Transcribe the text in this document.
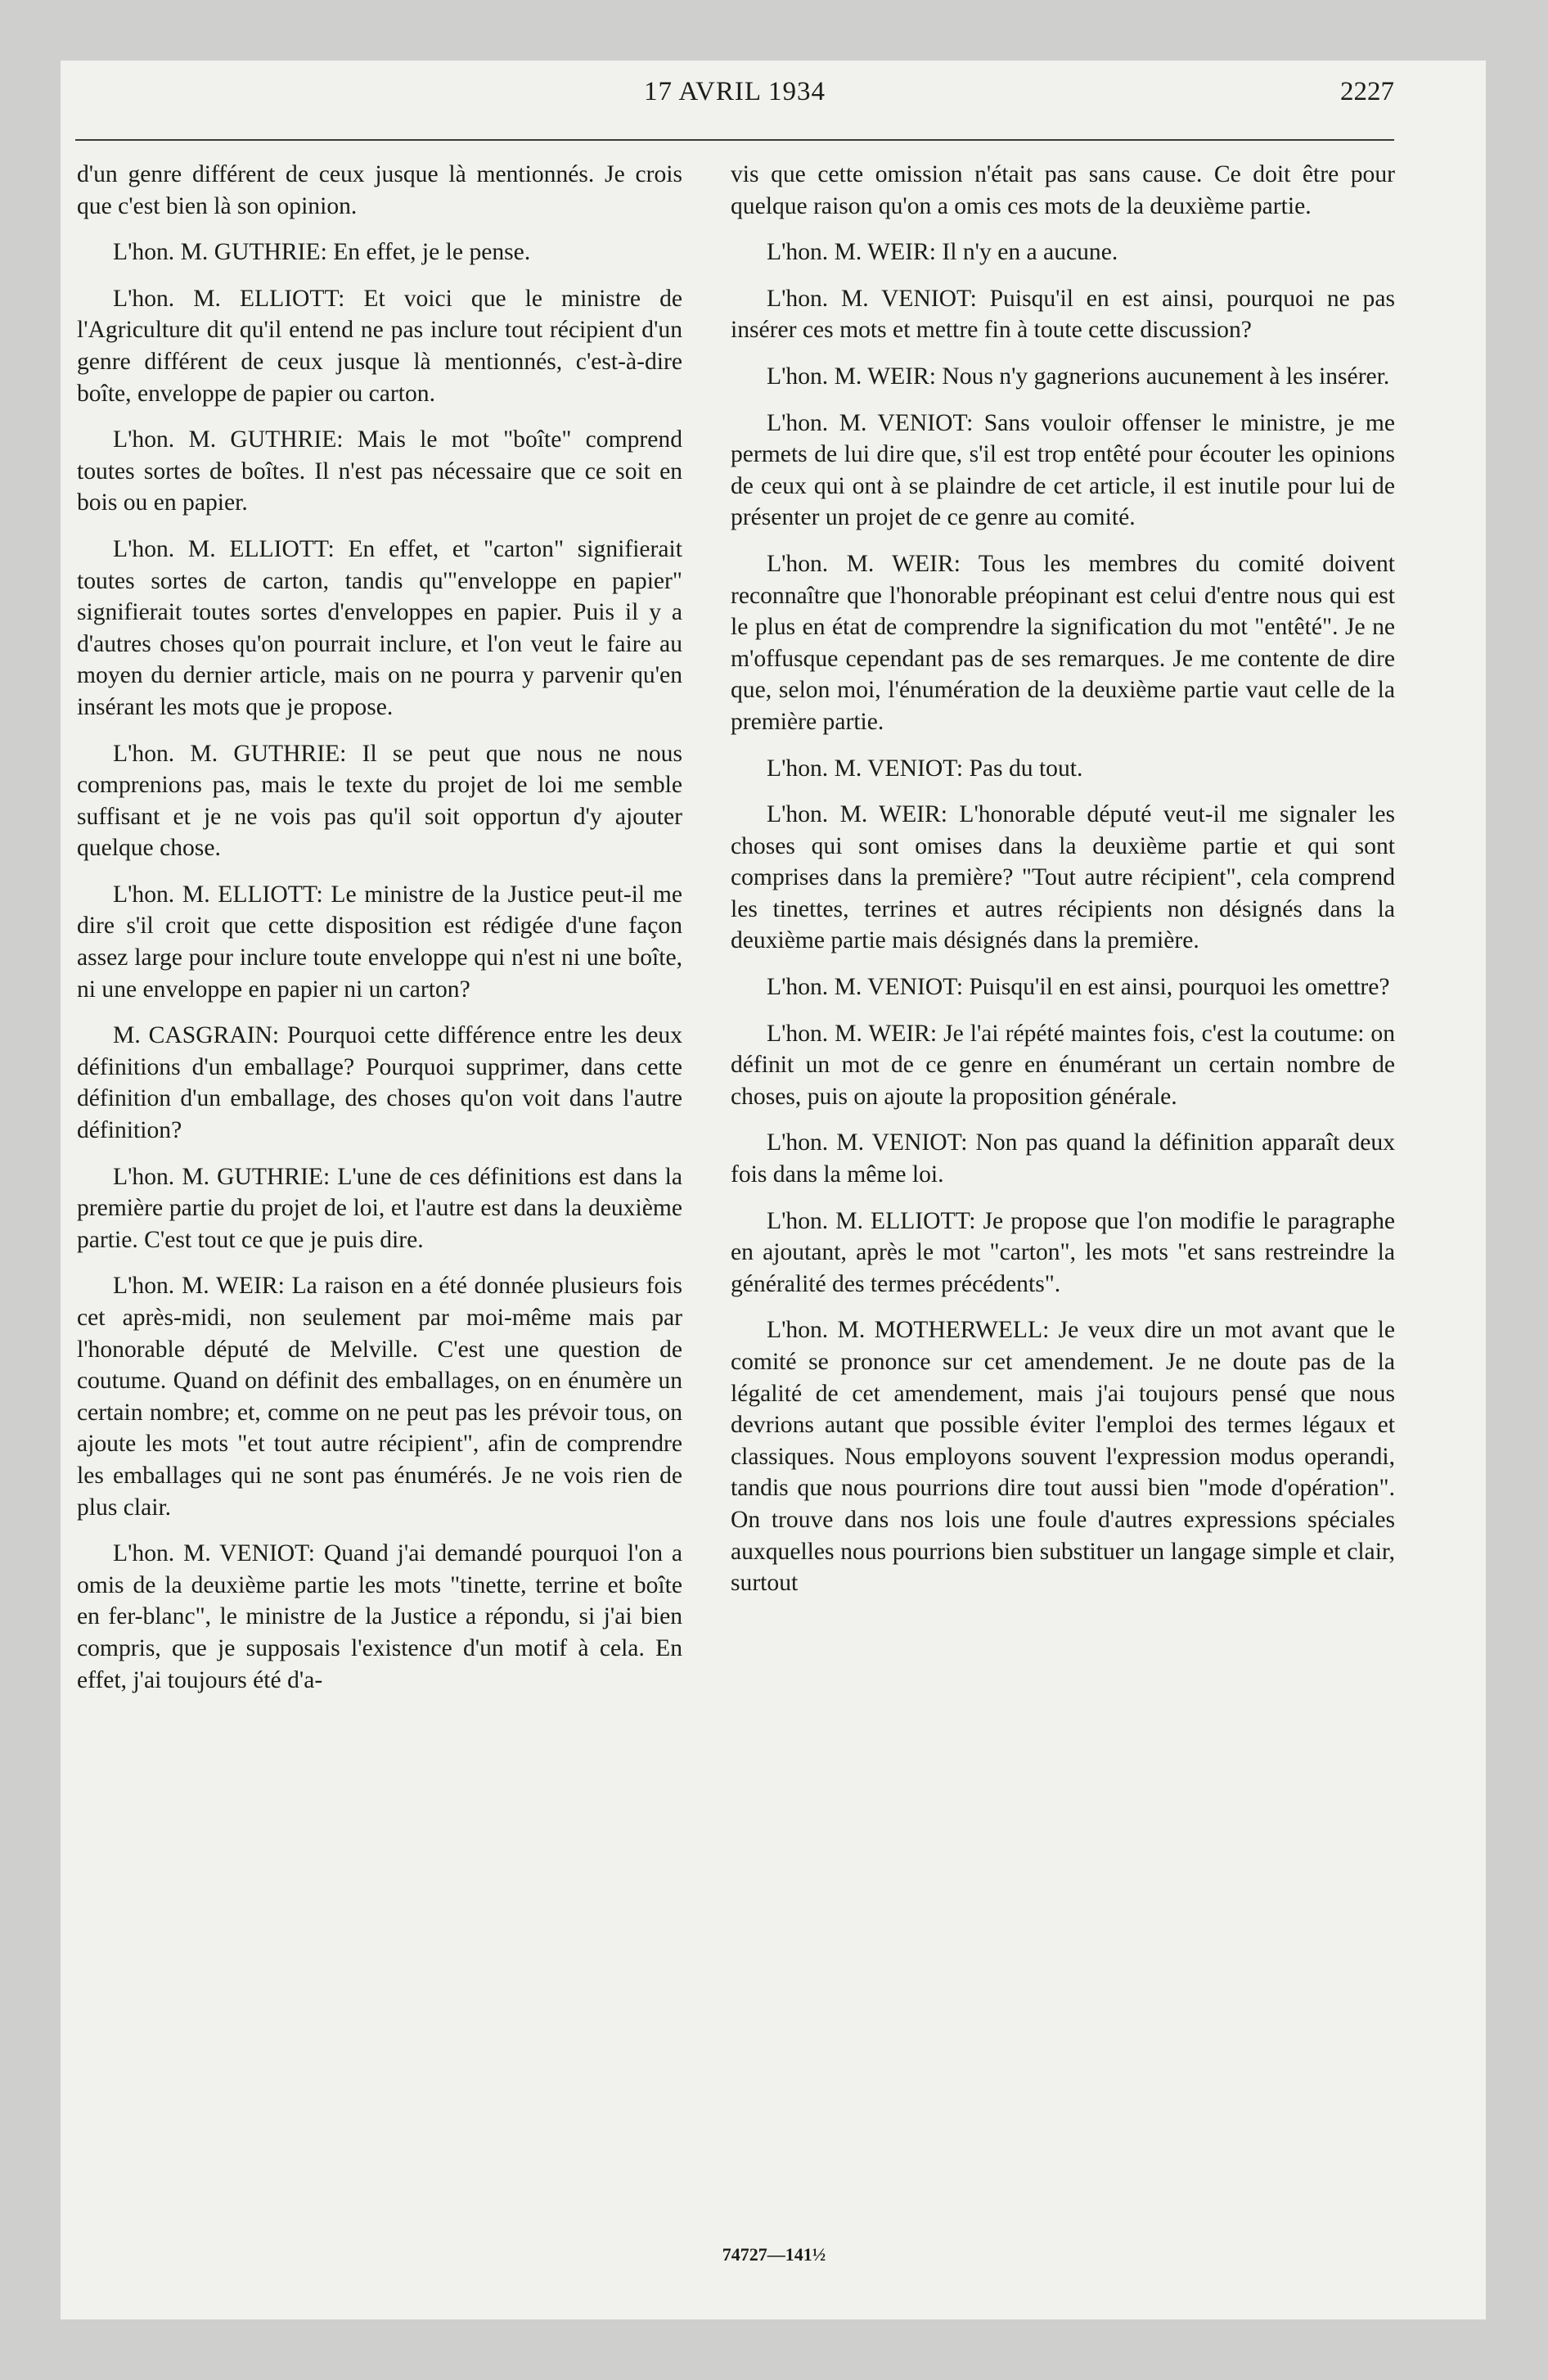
17 AVRIL 1934	2227

d'un genre différent de ceux jusque là mentionnés. Je crois que c'est bien là son opinion.

L'hon. M. GUTHRIE: En effet, je le pense.

L'hon. M. ELLIOTT: Et voici que le ministre de l'Agriculture dit qu'il entend ne pas inclure tout récipient d'un genre différent de ceux jusque là mentionnés, c'est-à-dire boîte, enveloppe de papier ou carton.

L'hon. M. GUTHRIE: Mais le mot "boîte" comprend toutes sortes de boîtes. Il n'est pas nécessaire que ce soit en bois ou en papier.

L'hon. M. ELLIOTT: En effet, et "carton" signifierait toutes sortes de carton, tandis qu'"enveloppe en papier" signifierait toutes sortes d'enveloppes en papier. Puis il y a d'autres choses qu'on pourrait inclure, et l'on veut le faire au moyen du dernier article, mais on ne pourra y parvenir qu'en insérant les mots que je propose.

L'hon. M. GUTHRIE: Il se peut que nous ne nous comprenions pas, mais le texte du projet de loi me semble suffisant et je ne vois pas qu'il soit opportun d'y ajouter quelque chose.

L'hon. M. ELLIOTT: Le ministre de la Justice peut-il me dire s'il croit que cette disposition est rédigée d'une façon assez large pour inclure toute enveloppe qui n'est ni une boîte, ni une enveloppe en papier ni un carton?

M. CASGRAIN: Pourquoi cette différence entre les deux définitions d'un emballage? Pourquoi supprimer, dans cette définition d'un emballage, des choses qu'on voit dans l'autre définition?

L'hon. M. GUTHRIE: L'une de ces définitions est dans la première partie du projet de loi, et l'autre est dans la deuxième partie. C'est tout ce que je puis dire.

L'hon. M. WEIR: La raison en a été donnée plusieurs fois cet après-midi, non seulement par moi-même mais par l'honorable député de Melville. C'est une question de coutume. Quand on définit des emballages, on en énumère un certain nombre; et, comme on ne peut pas les prévoir tous, on ajoute les mots "et tout autre récipient", afin de comprendre les emballages qui ne sont pas énumérés. Je ne vois rien de plus clair.

L'hon. M. VENIOT: Quand j'ai demandé pourquoi l'on a omis de la deuxième partie les mots "tinette, terrine et boîte en fer-blanc", le ministre de la Justice a répondu, si j'ai bien compris, que je supposais l'existence d'un motif à cela. En effet, j'ai toujours été d'a-

vis que cette omission n'était pas sans cause. Ce doit être pour quelque raison qu'on a omis ces mots de la deuxième partie.

L'hon. M. WEIR: Il n'y en a aucune.

L'hon. M. VENIOT: Puisqu'il en est ainsi, pourquoi ne pas insérer ces mots et mettre fin à toute cette discussion?

L'hon. M. WEIR: Nous n'y gagnerions aucunement à les insérer.

L'hon. M. VENIOT: Sans vouloir offenser le ministre, je me permets de lui dire que, s'il est trop entêté pour écouter les opinions de ceux qui ont à se plaindre de cet article, il est inutile pour lui de présenter un projet de ce genre au comité.

L'hon. M. WEIR: Tous les membres du comité doivent reconnaître que l'honorable préopinant est celui d'entre nous qui est le plus en état de comprendre la signification du mot "entêté". Je ne m'offusque cependant pas de ses remarques. Je me contente de dire que, selon moi, l'énumération de la deuxième partie vaut celle de la première partie.

L'hon. M. VENIOT: Pas du tout.

L'hon. M. WEIR: L'honorable député veut-il me signaler les choses qui sont omises dans la deuxième partie et qui sont comprises dans la première? "Tout autre récipient", cela comprend les tinettes, terrines et autres récipients non désignés dans la deuxième partie mais désignés dans la première.

L'hon. M. VENIOT: Puisqu'il en est ainsi, pourquoi les omettre?

L'hon. M. WEIR: Je l'ai répété maintes fois, c'est la coutume: on définit un mot de ce genre en énumérant un certain nombre de choses, puis on ajoute la proposition générale.

L'hon. M. VENIOT: Non pas quand la définition apparaît deux fois dans la même loi.

L'hon. M. ELLIOTT: Je propose que l'on modifie le paragraphe en ajoutant, après le mot "carton", les mots "et sans restreindre la généralité des termes précédents".

L'hon. M. MOTHERWELL: Je veux dire un mot avant que le comité se prononce sur cet amendement. Je ne doute pas de la légalité de cet amendement, mais j'ai toujours pensé que nous devrions autant que possible éviter l'emploi des termes légaux et classiques. Nous employons souvent l'expression modus operandi, tandis que nous pourrions dire tout aussi bien "mode d'opération". On trouve dans nos lois une foule d'autres expressions spéciales auxquelles nous pourrions bien substituer un langage simple et clair, surtout

74727—141½
